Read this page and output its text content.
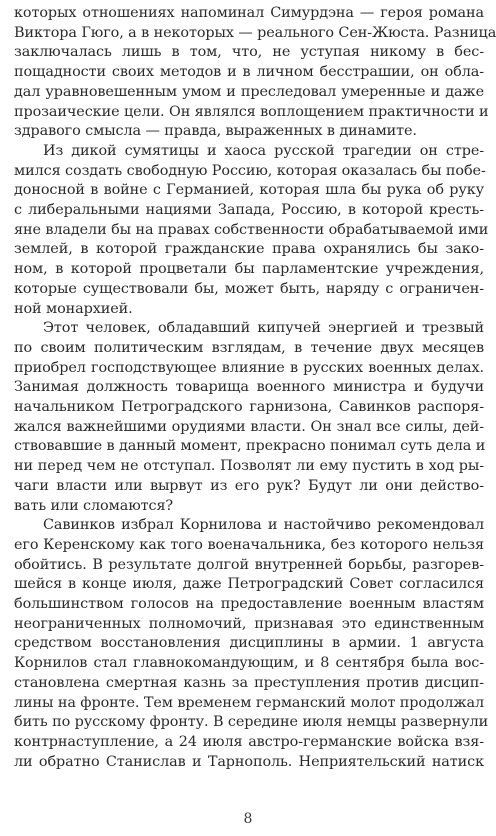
которых отношениях напоминал Симурдэна — героя романа
Виктора Гюго, а в некоторых — реального Сен-Жюста. Разница
заключалась лишь в том, что, не уступая никому в бес-
пощадности своих методов и в личном бесстрашии, он обла-
дал уравновешенным умом и преследовал умеренные и даже
прозаические цели. Он являлся воплощением практичности и
здравого смысла — правда, выраженных в динамите.
Из дикой сумятицы и хаоса русской трагедии он стре-
мился создать свободную Россию, которая оказалась бы побе-
доносной в войне с Германией, которая шла бы рука об руку
с либеральными нациями Запада, Россию, в которой кресть-
яне владели бы на правах собственности обрабатываемой ими
землей, в которой гражданские права охранялись бы зако-
ном, в которой процветали бы парламентские учреждения,
которые существовали бы, может быть, наряду с ограничен-
ной монархией.
Этот человек, обладавший кипучей энергией и трезвый
по своим политическим взглядам, в течение двух месяцев
приобрел господствующее влияние в русских военных делах.
Занимая должность товарища военного министра и будучи
начальником Петроградского гарнизона, Савинков распоря-
жался важнейшими орудиями власти. Он знал все силы, дей-
ствовавшие в данный момент, прекрасно понимал суть дела и
ни перед чем не отступал. Позволят ли ему пустить в ход ры-
чаги власти или вырвут из его рук? Будут ли они действо-
вать или сломаются?
Савинков избрал Корнилова и настойчиво рекомендовал
его Керенскому как того военачальника, без которого нельзя
обойтись. В результате долгой внутренней борьбы, разгорев-
шейся в конце июля, даже Петроградский Совет согласился
большинством голосов на предоставление военным властям
неограниченных полномочий, признавая это единственным
средством восстановления дисциплины в армии. 1 августа
Корнилов стал главнокомандующим, и 8 сентября была вос-
становлена смертная казнь за преступления против дисцип-
лины на фронте. Тем временем германский молот продолжал
бить по русскому фронту. В середине июля немцы развернули
контрнаступление, а 24 июля австро-германские войска взя-
ли обратно Станислав и Тарнополь. Неприятельский натиск
8
